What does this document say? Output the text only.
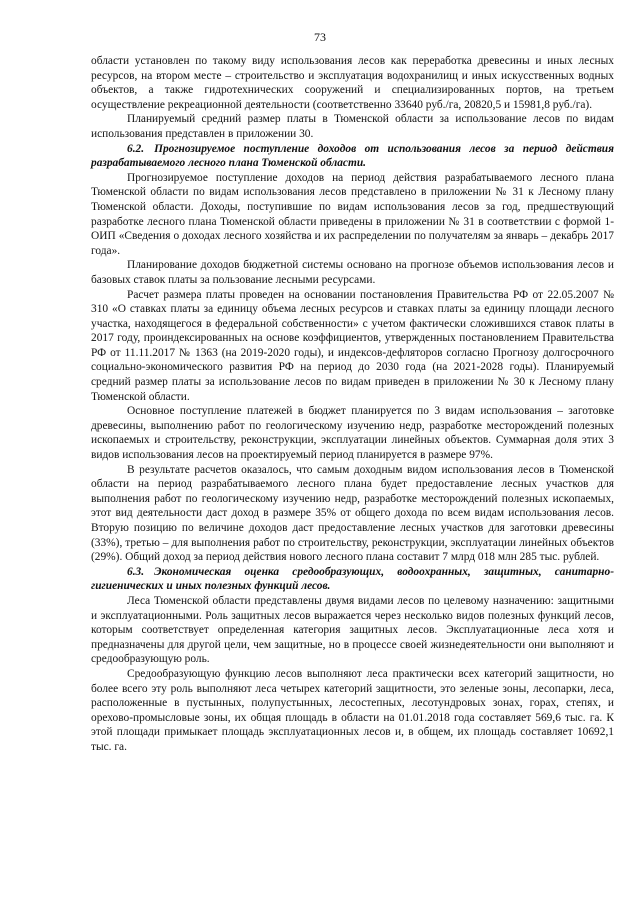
73

области установлен по такому виду использования лесов как переработка древесины и иных лесных ресурсов, на втором месте – строительство и эксплуатация водохранилищ и иных искусственных водных объектов, а также гидротехнических сооружений и специализированных портов, на третьем осуществление рекреационной деятельности (соответственно 33640 руб./га, 20820,5 и 15981,8 руб./га).

Планируемый средний размер платы в Тюменской области за использование лесов по видам использования представлен в приложении 30.

6.2. Прогнозируемое поступление доходов от использования лесов за период действия разрабатываемого лесного плана Тюменской области.

Прогнозируемое поступление доходов на период действия разрабатываемого лесного плана Тюменской области по видам использования лесов представлено в приложении № 31 к Лесному плану Тюменской области. Доходы, поступившие по видам использования лесов за год, предшествующий разработке лесного плана Тюменской области приведены в приложении № 31 в соответствии с формой 1-ОИП «Сведения о доходах лесного хозяйства и их распределении по получателям за январь – декабрь 2017 года».

Планирование доходов бюджетной системы основано на прогнозе объемов использования лесов и базовых ставок платы за пользование лесными ресурсами.

Расчет размера платы проведен на основании постановления Правительства РФ от 22.05.2007 № 310 «О ставках платы за единицу объема лесных ресурсов и ставках платы за единицу площади лесного участка, находящегося в федеральной собственности» с учетом фактически сложившихся ставок платы в 2017 году, проиндексированных на основе коэффициентов, утвержденных постановлением Правительства РФ от 11.11.2017 № 1363 (на 2019-2020 годы), и индексов-дефляторов согласно Прогнозу долгосрочного социально-экономического развития РФ на период до 2030 года (на 2021-2028 годы). Планируемый средний размер платы за использование лесов по видам приведен в приложении № 30 к Лесному плану Тюменской области.

Основное поступление платежей в бюджет планируется по 3 видам использования – заготовке древесины, выполнению работ по геологическому изучению недр, разработке месторождений полезных ископаемых и строительству, реконструкции, эксплуатации линейных объектов. Суммарная доля этих 3 видов использования лесов на проектируемый период планируется в размере 97%.

В результате расчетов оказалось, что самым доходным видом использования лесов в Тюменской области на период разрабатываемого лесного плана будет предоставление лесных участков для выполнения работ по геологическому изучению недр, разработке месторождений полезных ископаемых, этот вид деятельности даст доход в размере 35% от общего дохода по всем видам использования лесов. Вторую позицию по величине доходов даст предоставление лесных участков для заготовки древесины (33%), третью – для выполнения работ по строительству, реконструкции, эксплуатации линейных объектов (29%). Общий доход за период действия нового лесного плана составит 7 млрд 018 млн 285 тыс. рублей.

6.3. Экономическая оценка средообразующих, водоохранных, защитных, санитарно-гигиенических и иных полезных функций лесов.

Леса Тюменской области представлены двумя видами лесов по целевому назначению: защитными и эксплуатационными. Роль защитных лесов выражается через несколько видов полезных функций лесов, которым соответствует определенная категория защитных лесов. Эксплуатационные леса хотя и предназначены для другой цели, чем защитные, но в процессе своей жизнедеятельности они выполняют и средообразующую роль.

Средообразующую функцию лесов выполняют леса практически всех категорий защитности, но более всего эту роль выполняют леса четырех категорий защитности, это зеленые зоны, лесопарки, леса, расположенные в пустынных, полупустынных, лесостепных, лесотундровых зонах, горах, степях, и орехово-промысловые зоны, их общая площадь в области на 01.01.2018 года составляет 569,6 тыс. га. К этой площади примыкает площадь эксплуатационных лесов и, в общем, их площадь составляет 10692,1 тыс. га.
